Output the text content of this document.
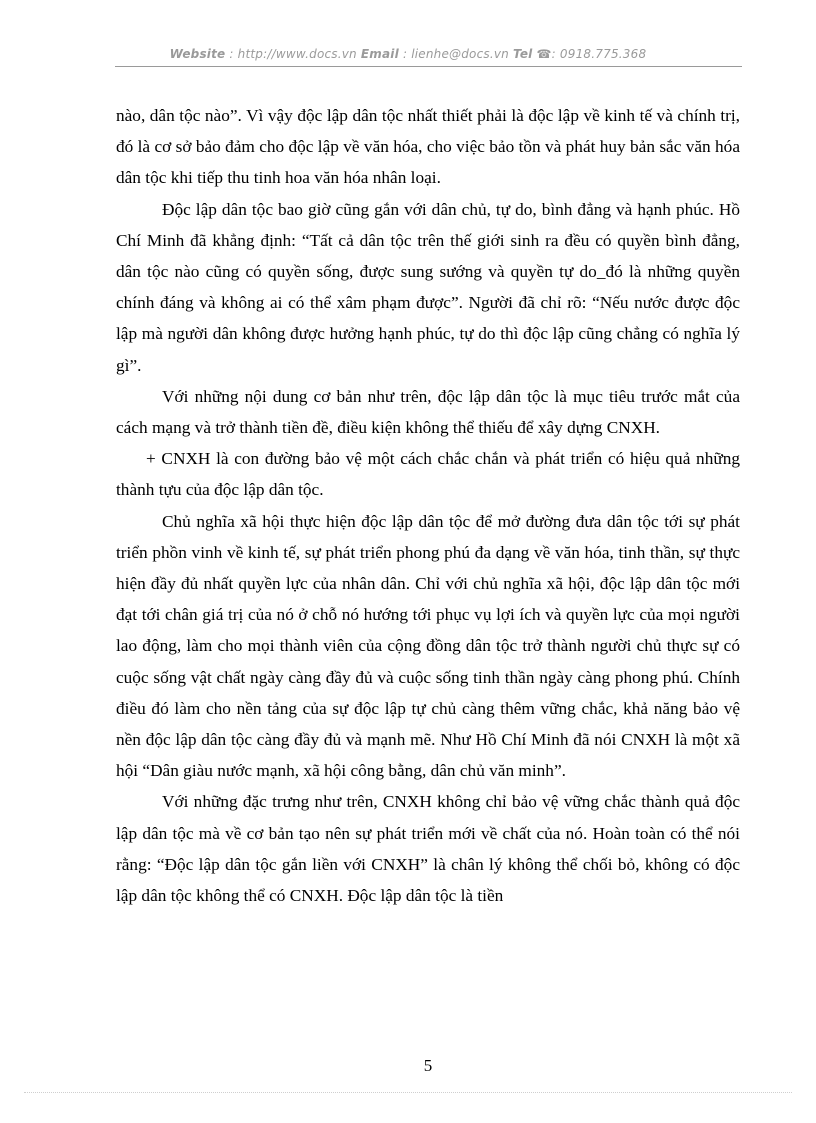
Website : http://www.docs.vn Email : lienhe@docs.vn Tel ☎: 0918.775.368

nào, dân tộc nào”. Vì vậy độc lập dân tộc nhất thiết phải là độc lập về kinh tế và chính trị, đó là cơ sở bảo đảm cho độc lập về văn hóa, cho việc bảo tồn và phát huy bản sắc văn hóa dân tộc khi tiếp thu tinh hoa văn hóa nhân loại.

Độc lập dân tộc bao giờ cũng gắn với dân chủ, tự do, bình đẳng và hạnh phúc. Hồ Chí Minh đã khẳng định: “Tất cả dân tộc trên thế giới sinh ra đều có quyền bình đẳng, dân tộc nào cũng có quyền sống, được sung sướng và quyền tự do_đó là những quyền chính đáng và không ai có thể xâm phạm được”. Người đã chỉ rõ: “Nếu nước được độc lập mà người dân không được hưởng hạnh phúc, tự do thì độc lập cũng chẳng có nghĩa lý gì”.

Với những nội dung cơ bản như trên, độc lập dân tộc là mục tiêu trước mắt của cách mạng và trở thành tiền đề, điều kiện không thể thiếu để xây dựng CNXH.

+ CNXH là con đường bảo vệ một cách chắc chắn và phát triển có hiệu quả những thành tựu của độc lập dân tộc.

Chủ nghĩa xã hội thực hiện độc lập dân tộc để mở đường đưa dân tộc tới sự phát triển phồn vinh về kinh tế, sự phát triển phong phú đa dạng về văn hóa, tinh thần, sự thực hiện đầy đủ nhất quyền lực của nhân dân. Chỉ với chủ nghĩa xã hội, độc lập dân tộc mới đạt tới chân giá trị của nó ở chỗ nó hướng tới phục vụ lợi ích và quyền lực của mọi người lao động, làm cho mọi thành viên của cộng đồng dân tộc trở thành người chủ thực sự có cuộc sống vật chất ngày càng đầy đủ và cuộc sống tinh thần ngày càng phong phú. Chính điều đó làm cho nền tảng của sự độc lập tự chủ càng thêm vững chắc, khả năng bảo vệ nền độc lập dân tộc càng đầy đủ và mạnh mẽ. Như Hồ Chí Minh đã nói CNXH là một xã hội “Dân giàu nước mạnh, xã hội công bằng, dân chủ văn minh”.

Với những đặc trưng như trên, CNXH không chỉ bảo vệ vững chắc thành quả độc lập dân tộc mà về cơ bản tạo nên sự phát triển mới về chất của nó. Hoàn toàn có thể nói rằng: “Độc lập dân tộc gắn liền với CNXH” là chân lý không thể chối bỏ, không có độc lập dân tộc không thể có CNXH. Độc lập dân tộc là tiền

5
